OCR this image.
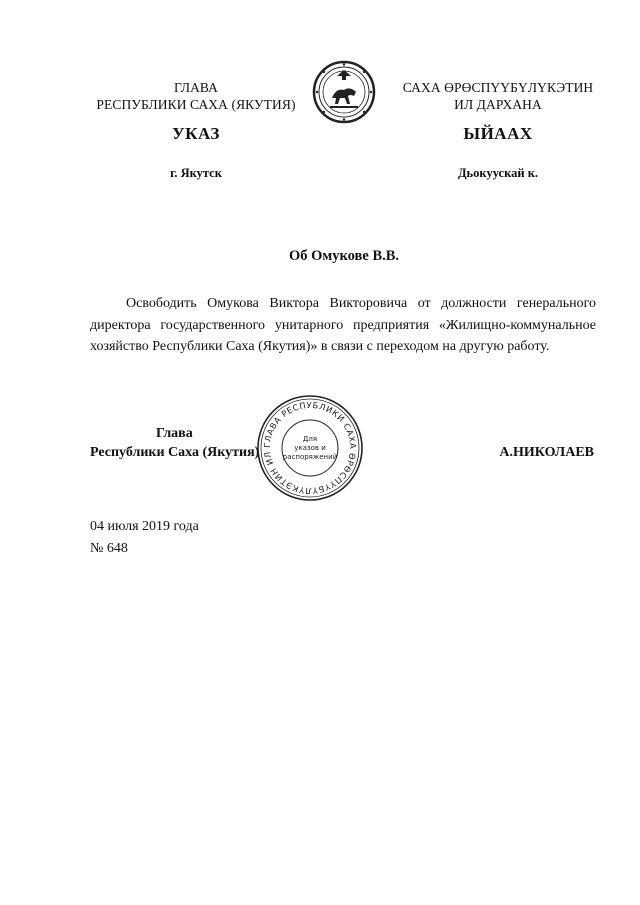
ГЛАВА
РЕСПУБЛИКИ САХА (ЯКУТИЯ)
САХА ӨРӨСПҮҮБҮЛҮКЭТИН
ИЛ ДАРХАНА
УКАЗ	ЫЙААХ
г. Якутск	Дьокуускай к.
Об Омукове В.В.
Освободить Омукова Виктора Викторовича от должности генерального директора государственного унитарного предприятия «Жилищно-коммунальное хозяйство Республики Саха (Якутия)» в связи с переходом на другую работу.
Глава
Республики Саха (Якутия) ГЛАВА РЕСПУБЛИКИ САХА ӨРӨСПҮҮБҮЛҮКЭТИН ИЛ
Для
указов и
распоряжений	А.НИКОЛАЕВ
04 июля 2019 года
№ 648
